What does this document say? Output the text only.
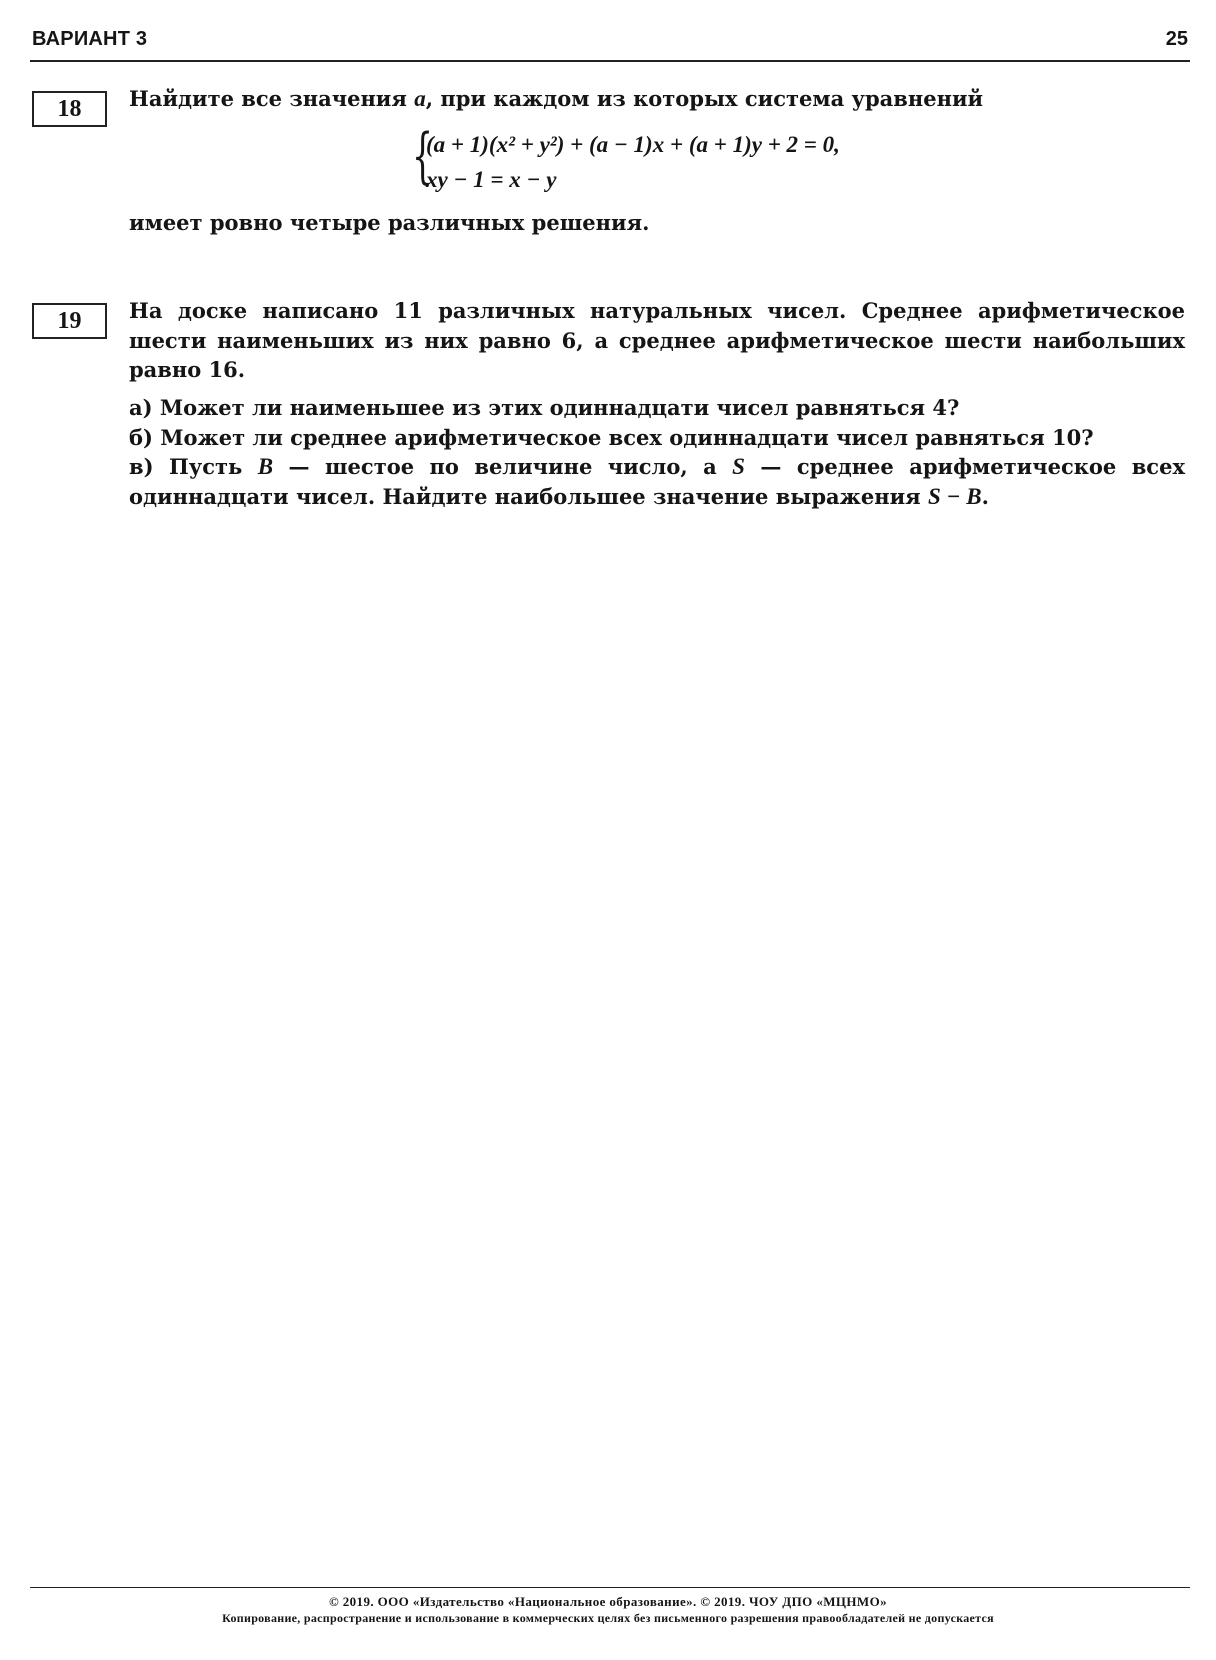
ВАРИАНТ 3	25
18	Найдите все значения a, при каждом из которых система уравнений
{
(a + 1)(x² + y²) + (a − 1)x + (a + 1)y + 2 = 0,
xy − 1 = x − y
имеет ровно четыре различных решения.
19	На доске написано 11 различных натуральных чисел. Среднее арифметическое
шести наименьших из них равно 6, а среднее арифметическое шести наибольших
равно 16.
а) Может ли наименьшее из этих одиннадцати чисел равняться 4?
б) Может ли среднее арифметическое всех одиннадцати чисел равняться 10?
в) Пусть B — шестое по величине число, а S — среднее арифметическое всех
одиннадцати чисел. Найдите наибольшее значение выражения S − B.
© 2019. ООО «Издательство «Национальное образование». © 2019. ЧОУ ДПО «МЦНМО»
Копирование, распространение и использование в коммерческих целях без письменного разрешения правообладателей не допускается
